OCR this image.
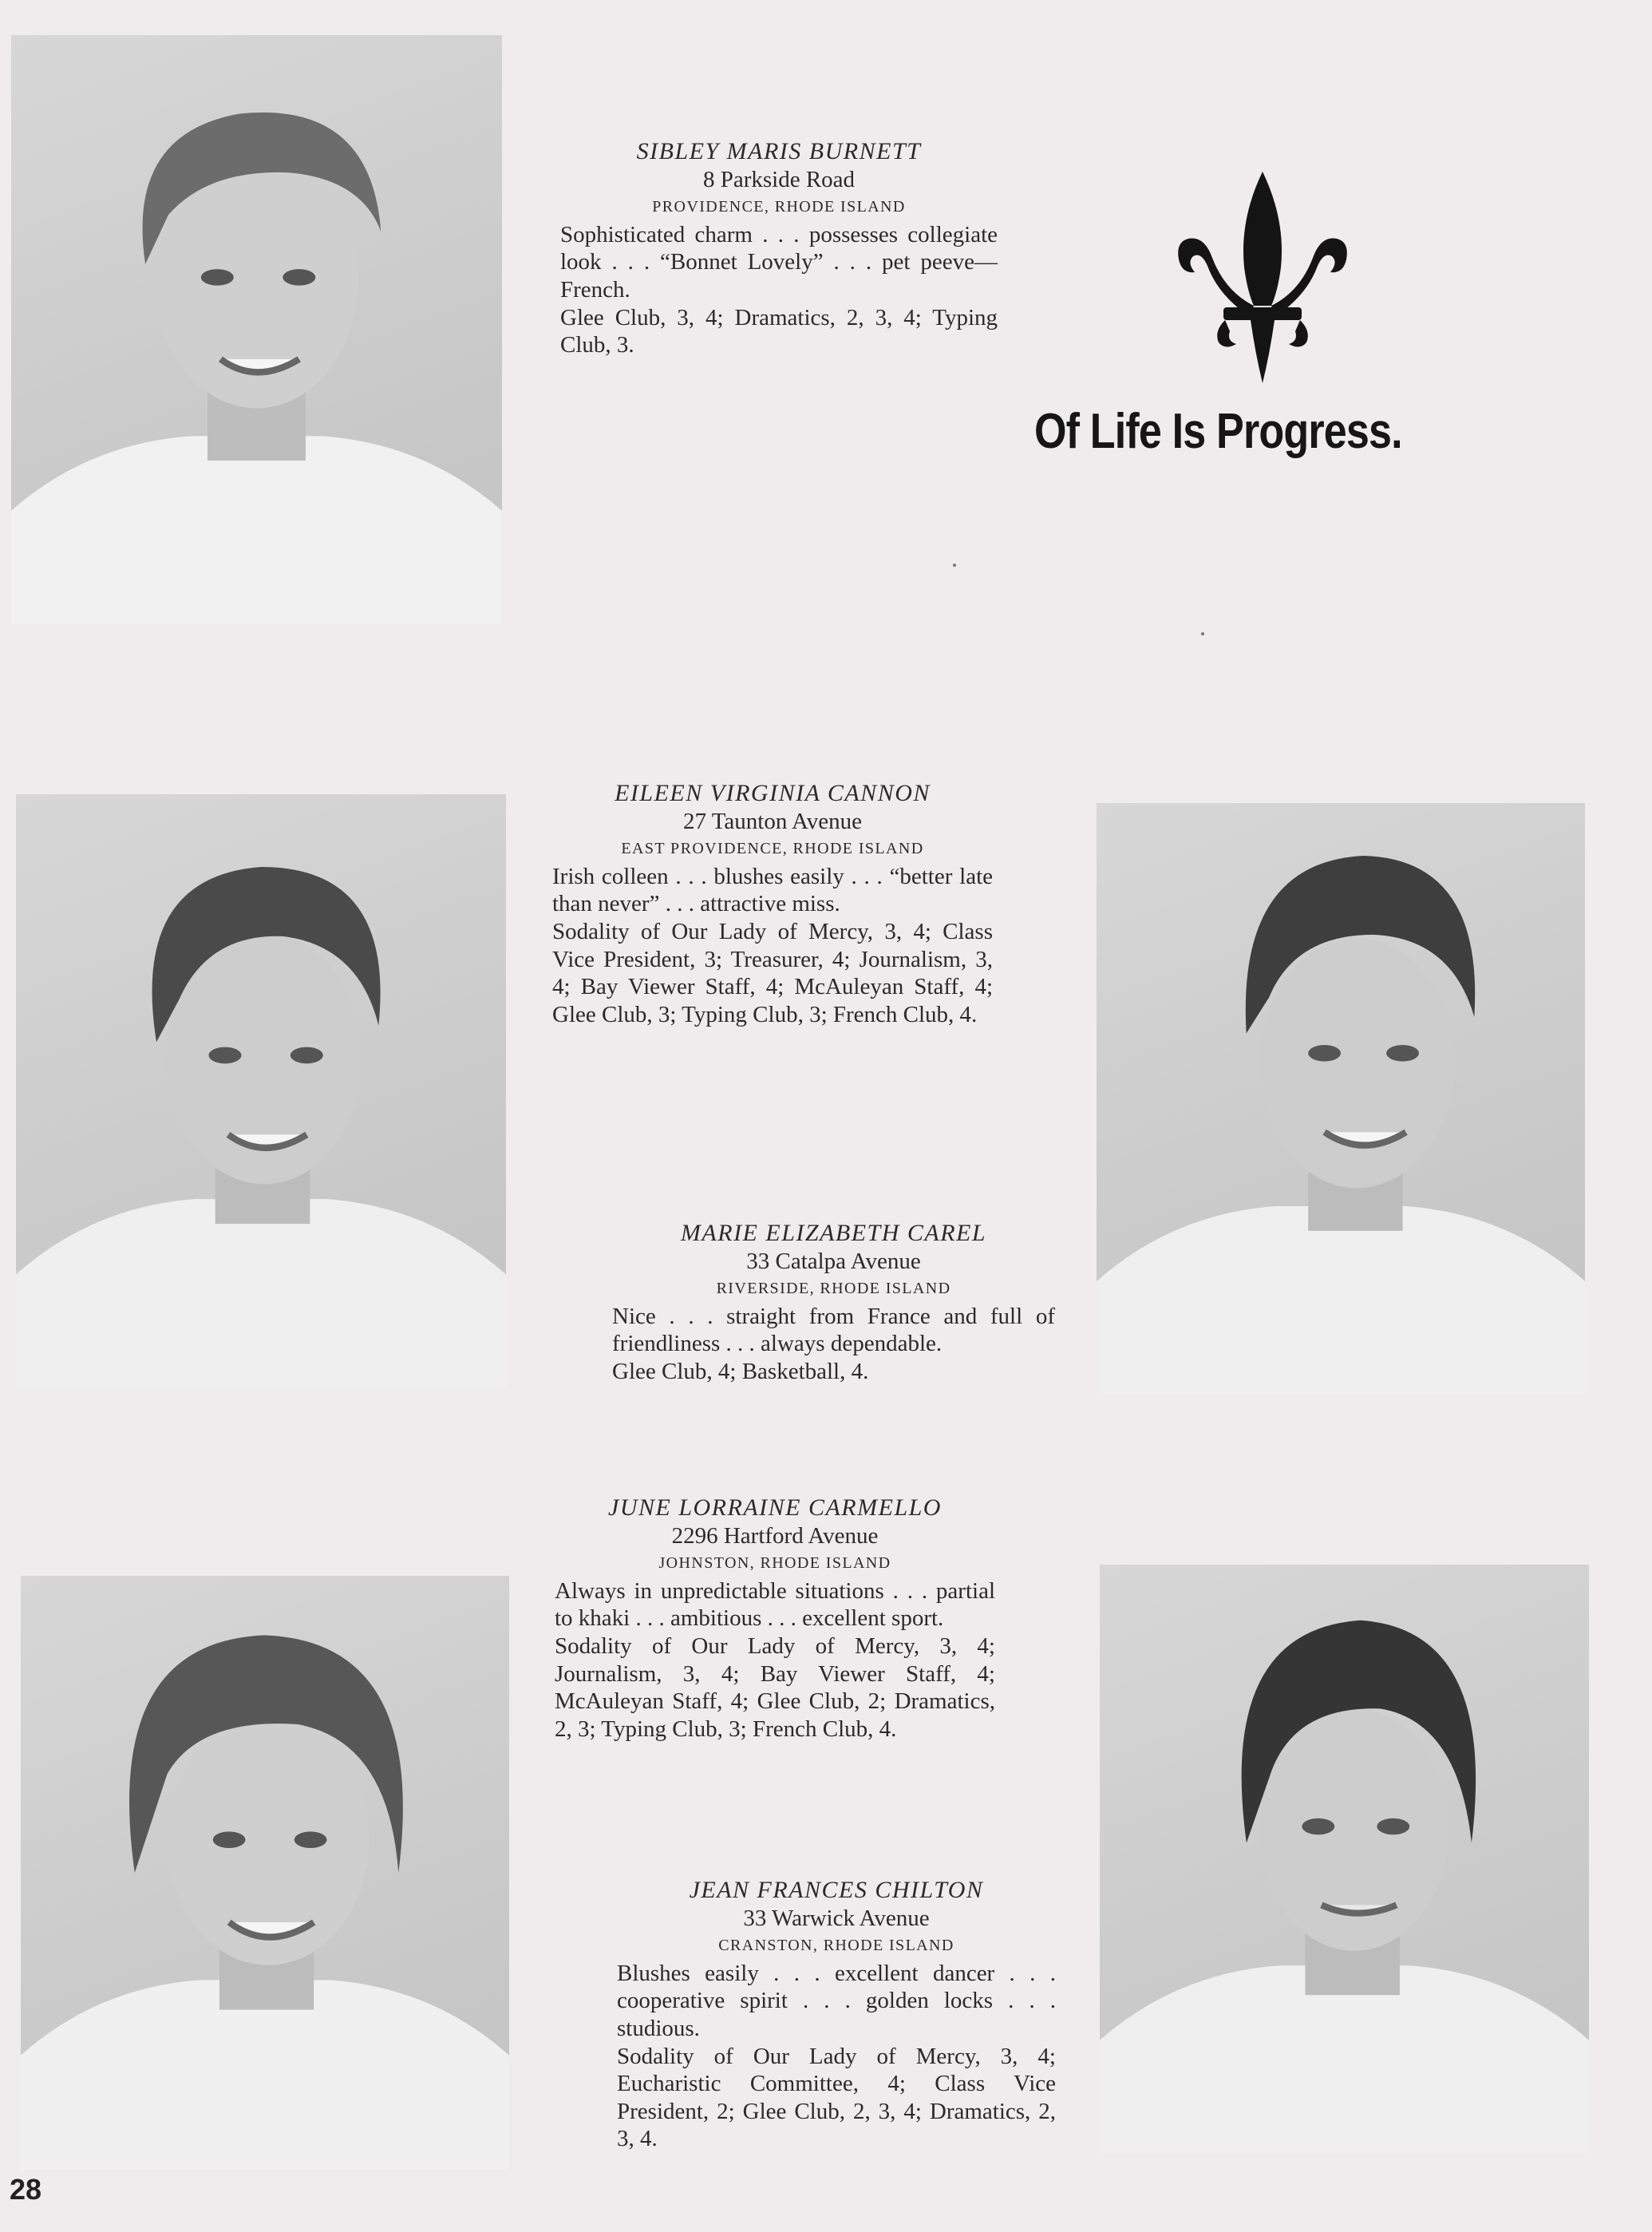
Of Life Is Progress.
SIBLEY MARIS BURNETT
8 Parkside Road
PROVIDENCE, RHODE ISLAND
Sophisticated charm . . . possesses collegiate look . . . “Bonnet Lovely” . . . pet peeve—French.
Glee Club, 3, 4; Dramatics, 2, 3, 4; Typing Club, 3.
EILEEN VIRGINIA CANNON
27 Taunton Avenue
EAST PROVIDENCE, RHODE ISLAND
Irish colleen . . . blushes easily . . . “better late than never” . . . attractive miss.
Sodality of Our Lady of Mercy, 3, 4; Class Vice President, 3; Treasurer, 4; Journalism, 3, 4; Bay Viewer Staff, 4; McAuleyan Staff, 4; Glee Club, 3; Typing Club, 3; French Club, 4.
MARIE ELIZABETH CAREL
33 Catalpa Avenue
RIVERSIDE, RHODE ISLAND
Nice . . . straight from France and full of friendliness . . . always dependable.
Glee Club, 4; Basketball, 4.
JUNE LORRAINE CARMELLO
2296 Hartford Avenue
JOHNSTON, RHODE ISLAND
Always in unpredictable situations . . . partial to khaki . . . ambitious . . . excellent sport.
Sodality of Our Lady of Mercy, 3, 4; Journalism, 3, 4; Bay Viewer Staff, 4; McAuleyan Staff, 4; Glee Club, 2; Dramatics, 2, 3; Typing Club, 3; French Club, 4.
JEAN FRANCES CHILTON
33 Warwick Avenue
CRANSTON, RHODE ISLAND
Blushes easily . . . excellent dancer . . . cooperative spirit . . . golden locks . . . studious.
Sodality of Our Lady of Mercy, 3, 4; Eucharistic Committee, 4; Class Vice President, 2; Glee Club, 2, 3, 4; Dramatics, 2, 3, 4.
28
